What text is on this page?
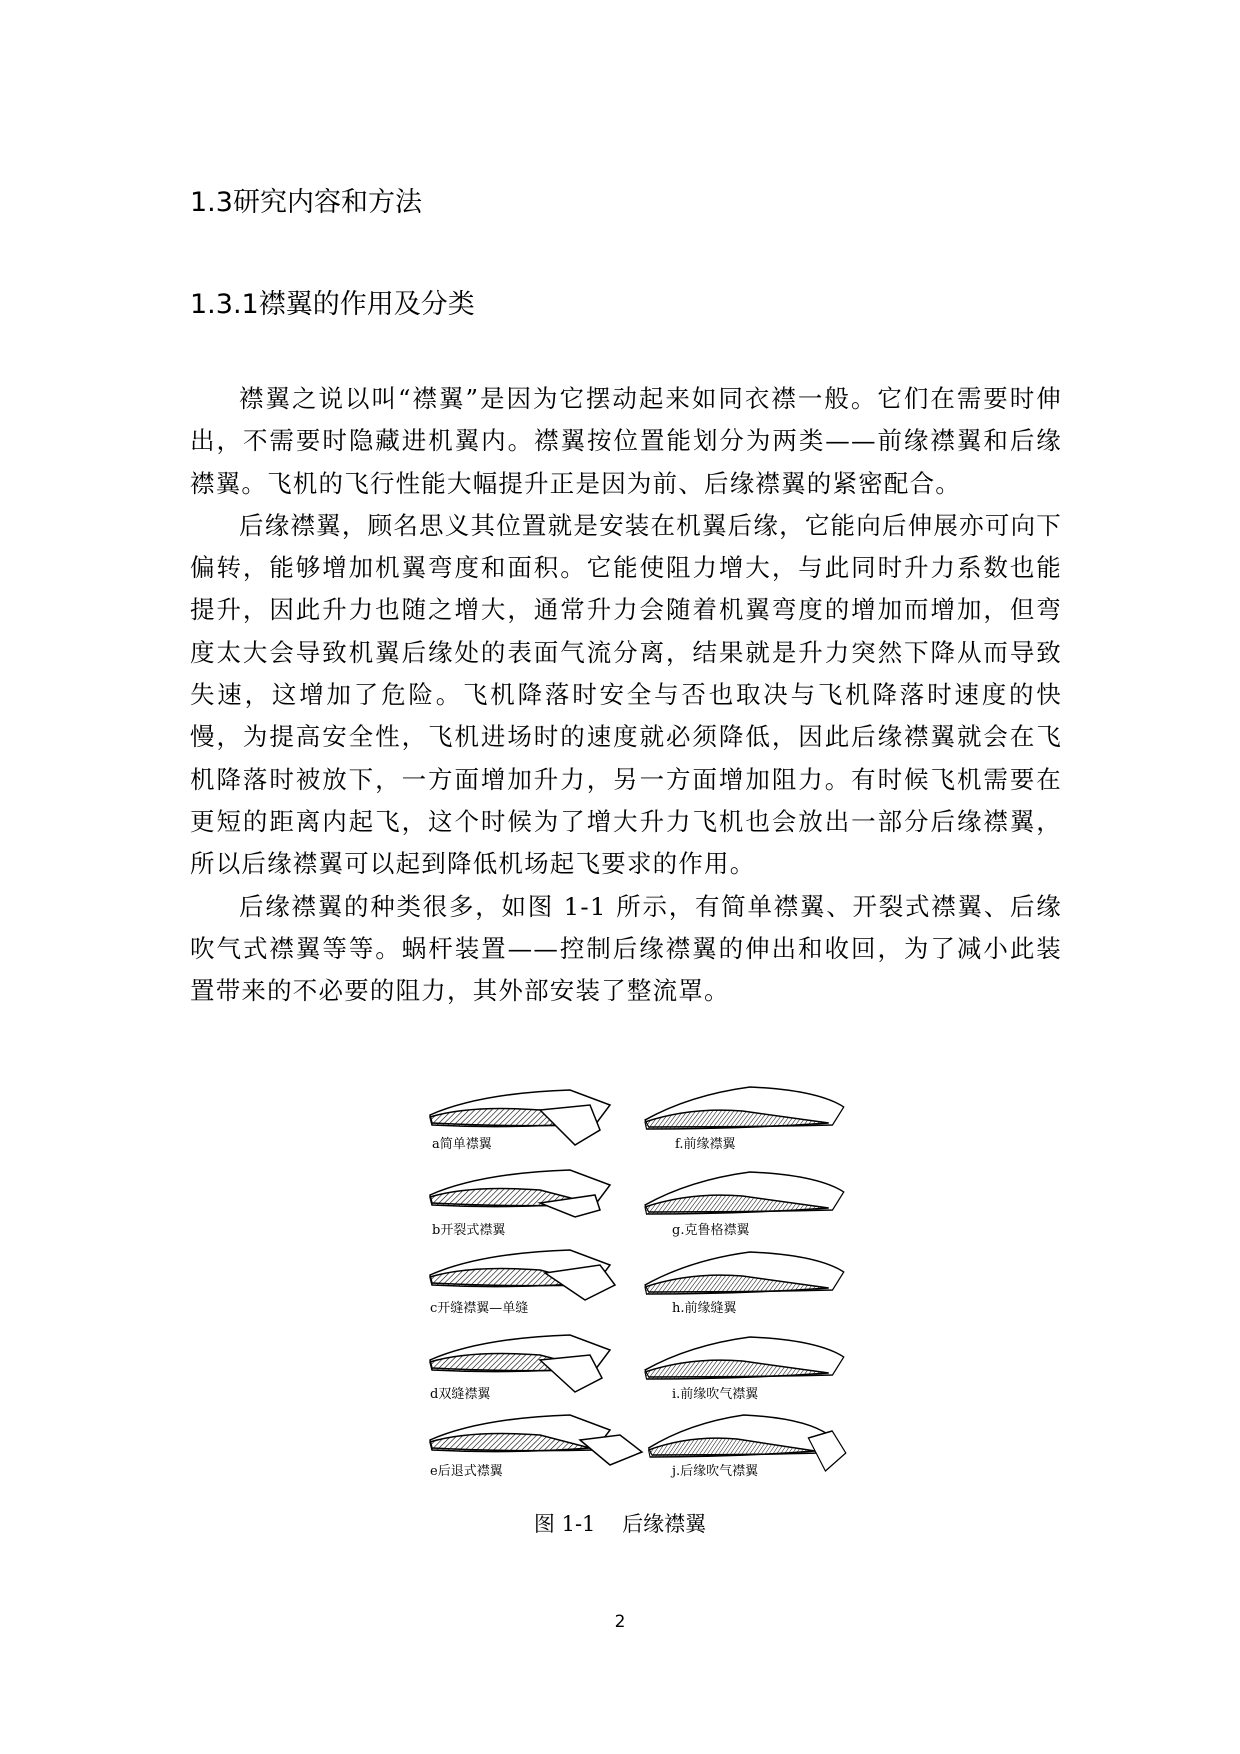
1.3研究内容和方法
1.3.1襟翼的作用及分类

襟翼之说以叫“襟翼”是因为它摆动起来如同衣襟一般。它们在需要时伸出，不需要时隐藏进机翼内。襟翼按位置能划分为两类——前缘襟翼和后缘襟翼。飞机的飞行性能大幅提升正是因为前、后缘襟翼的紧密配合。

后缘襟翼，顾名思义其位置就是安装在机翼后缘，它能向后伸展亦可向下偏转，能够增加机翼弯度和面积。它能使阻力增大，与此同时升力系数也能提升，因此升力也随之增大，通常升力会随着机翼弯度的增加而增加，但弯度太大会导致机翼后缘处的表面气流分离，结果就是升力突然下降从而导致失速，这增加了危险。飞机降落时安全与否也取决与飞机降落时速度的快慢，为提高安全性，飞机进场时的速度就必须降低，因此后缘襟翼就会在飞机降落时被放下，一方面增加升力，另一方面增加阻力。有时候飞机需要在更短的距离内起飞，这个时候为了增大升力飞机也会放出一部分后缘襟翼，所以后缘襟翼可以起到降低机场起飞要求的作用。

后缘襟翼的种类很多，如图 1-1 所示，有简单襟翼、开裂式襟翼、后缘吹气式襟翼等等。蜗杆装置——控制后缘襟翼的伸出和收回，为了减小此装置带来的不必要的阻力，其外部安装了整流罩。

a简单襟翼
b开裂式襟翼
c开缝襟翼—单缝
d双缝襟翼
e后退式襟翼
f.前缘襟翼
g.克鲁格襟翼
h.前缘缝翼
i.前缘吹气襟翼
j.后缘吹气襟翼
图 1-1 后缘襟翼
2
